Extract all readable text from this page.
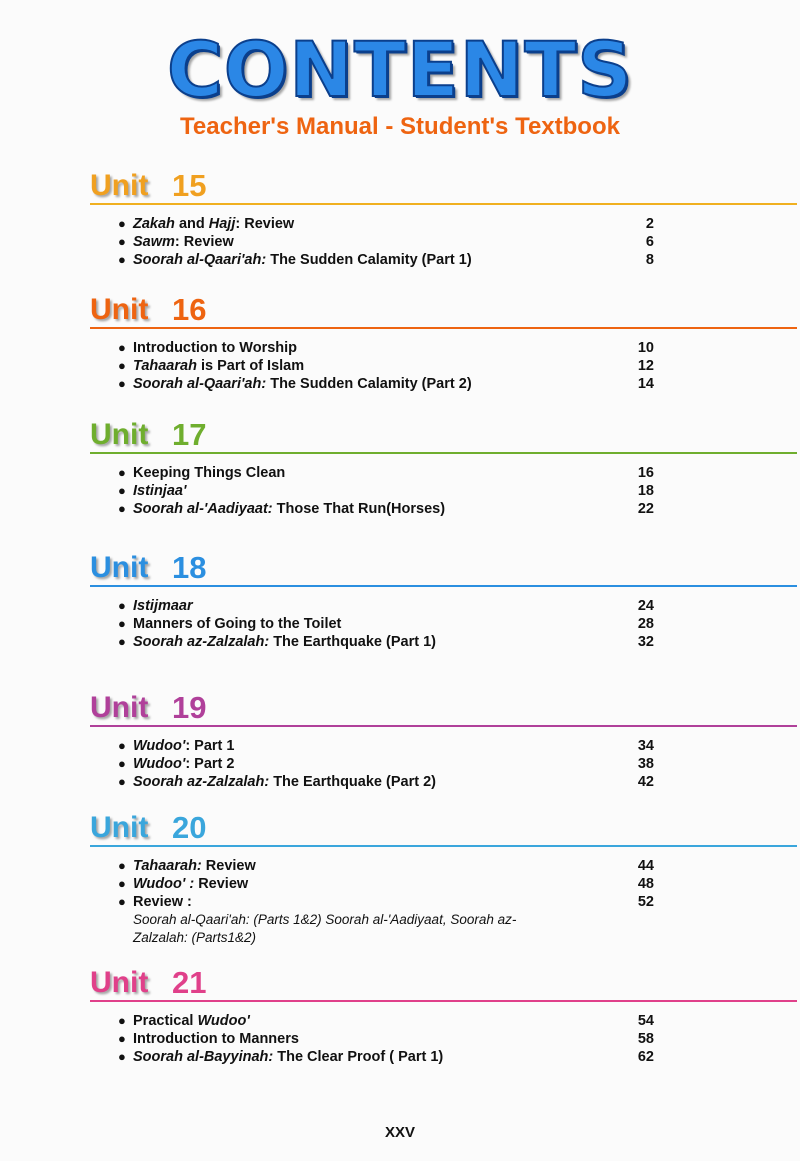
CONTENTS
Teacher's Manual - Student's Textbook
Unit 15
● Zakah and Hajj: Review	2
● Sawm: Review	6
● Soorah al-Qaari'ah: The Sudden Calamity (Part 1)	8
Unit 16
● Introduction to Worship	10
● Tahaarah is Part of Islam	12
● Soorah al-Qaari'ah: The Sudden Calamity (Part 2)	14
Unit 17
● Keeping Things Clean	16
● Istinjaa'	18
● Soorah al-'Aadiyaat: Those That Run(Horses)	22
Unit 18
● Istijmaar	24
● Manners of Going to the Toilet	28
● Soorah az-Zalzalah: The Earthquake (Part 1)	32
Unit 19
● Wudoo': Part 1	34
● Wudoo': Part 2	38
● Soorah az-Zalzalah: The Earthquake (Part 2)	42
Unit 20
● Tahaarah: Review	44
● Wudoo' : Review	48
● Review :	52
Soorah al-Qaari'ah: (Parts 1&2) Soorah al-'Aadiyaat, Soorah az-Zalzalah: (Parts1&2)
Unit 21
● Practical Wudoo'	54
● Introduction to Manners	58
● Soorah al-Bayyinah: The Clear Proof ( Part 1)	62
XXV
